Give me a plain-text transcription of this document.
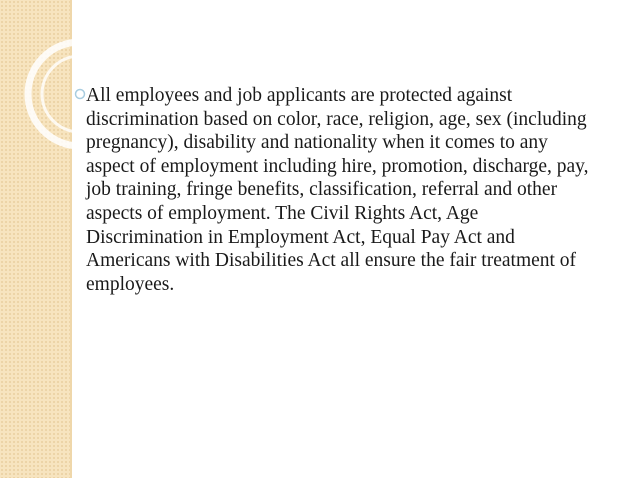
All employees and job applicants are protected against discrimination based on color, race, religion, age, sex (including pregnancy), disability and nationality when it comes to any aspect of employment including hire, promotion, discharge, pay, job training, fringe benefits, classification, referral and other aspects of employment. The Civil Rights Act, Age Discrimination in Employment Act, Equal Pay Act and Americans with Disabilities Act all ensure the fair treatment of employees.
